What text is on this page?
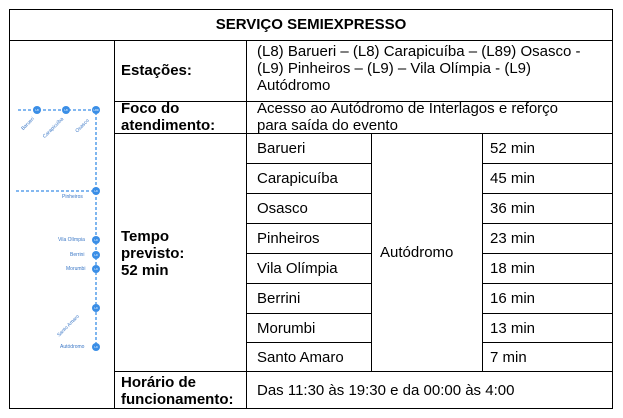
SERVIÇO SEMIEXPRESSO
L8	L8	L89
L9
L9
L9
L9
L9
L9
Barueri Carapicuíba Osasco
Pinheiros
Vila Olímpia
Berrini
Morumbi
Santo Amaro
Autódromo
Estações:
(L8) Barueri – (L8) Carapicuíba – (L89) Osasco -
(L9) Pinheiros – (L9) – Vila Olímpia - (L9)
Autódromo
Foco do
atendimento:
Acesso ao Autódromo de Interlagos e reforço
para saída do evento
Tempo
previsto:
52 min
Autódromo
Barueri	52 min
Carapicuíba	45 min
Osasco	36 min
Pinheiros	23 min
Vila Olímpia	18 min
Berrini	16 min
Morumbi	13 min
Santo Amaro	7 min
Horário de
funcionamento:
Das 11:30 às 19:30 e da 00:00 às 4:00
